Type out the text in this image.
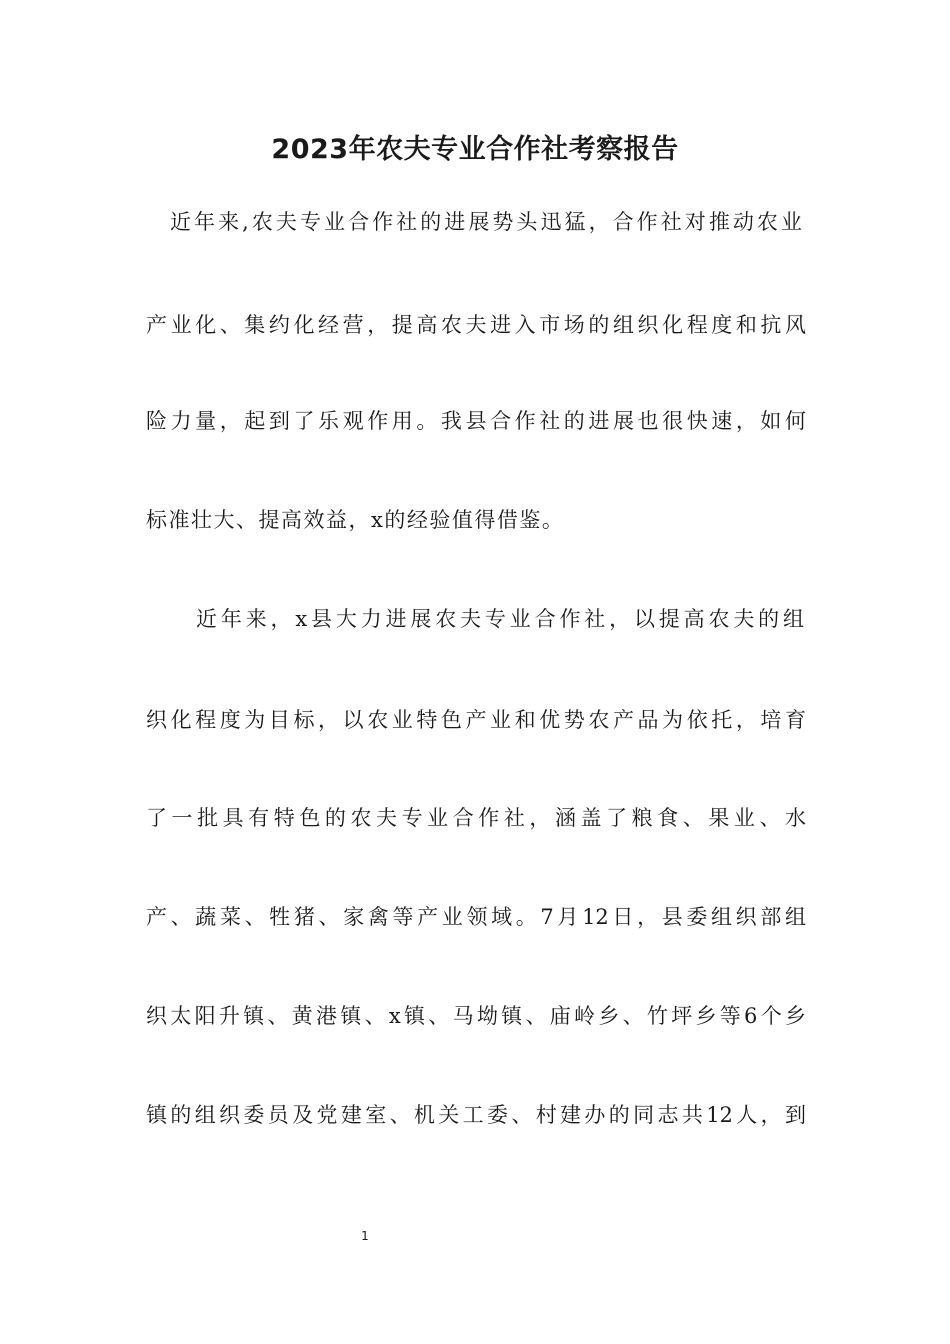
2023年农夫专业合作社考察报告
近年来,农夫专业合作社的进展势头迅猛，合作社对推动农业
产业化、集约化经营，提高农夫进入市场的组织化程度和抗风
险力量，起到了乐观作用。我县合作社的进展也很快速，如何
标准壮大、提高效益，x的经验值得借鉴。
近年来，x县大力进展农夫专业合作社，以提高农夫的组
织化程度为目标，以农业特色产业和优势农产品为依托，培育
了一批具有特色的农夫专业合作社，涵盖了粮食、果业、水
产、蔬菜、牲猪、家禽等产业领域。7月12日，县委组织部组
织太阳升镇、黄港镇、x镇、马坳镇、庙岭乡、竹坪乡等6个乡
镇的组织委员及党建室、机关工委、村建办的同志共12人，到
1
